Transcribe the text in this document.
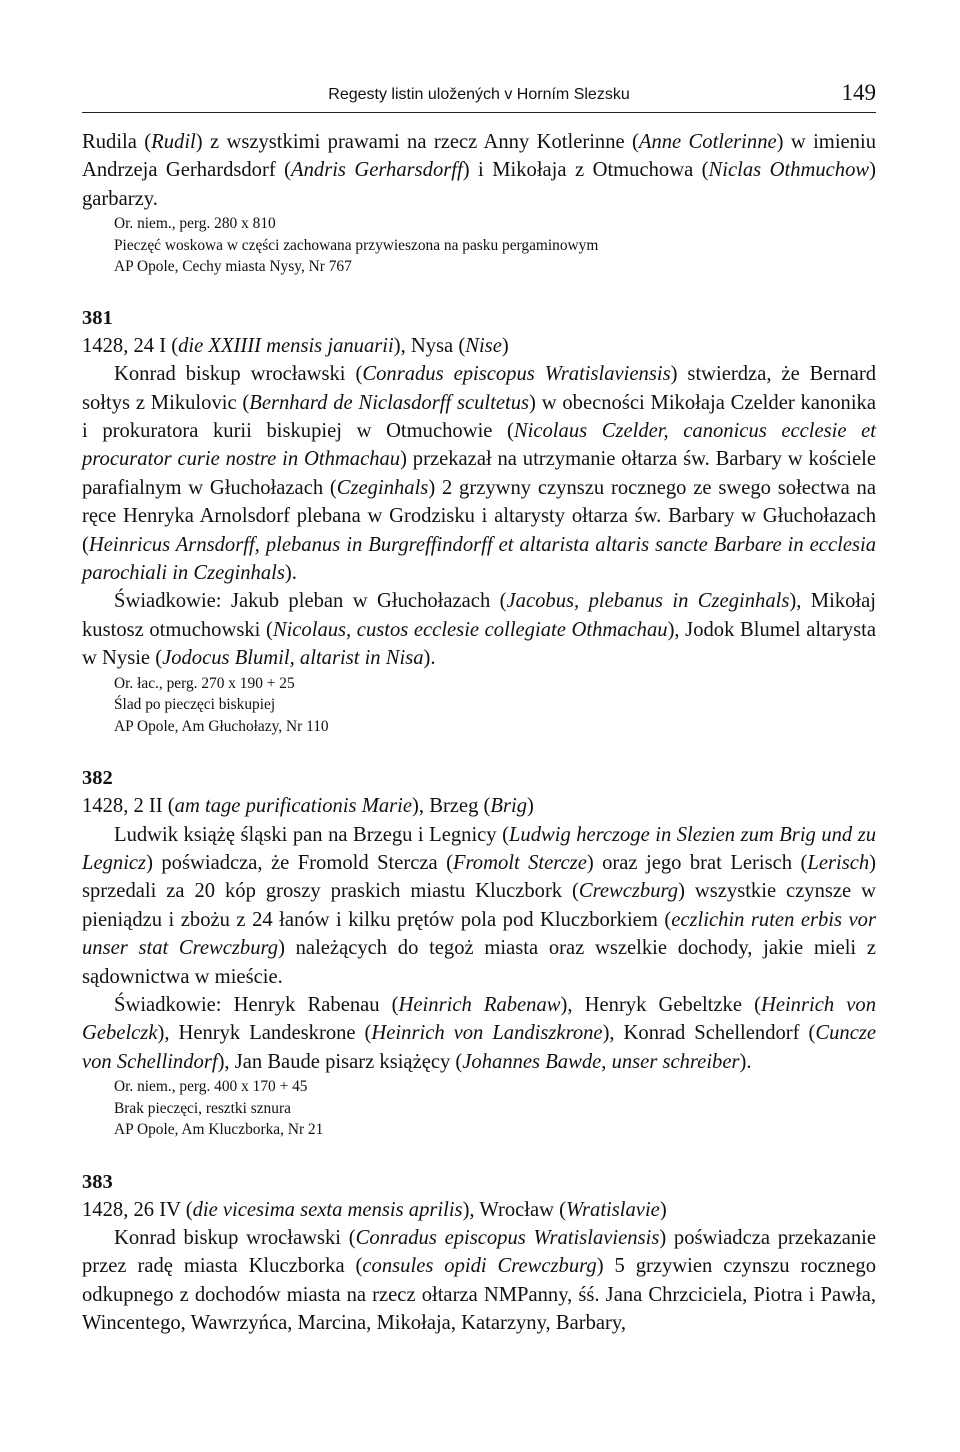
Regesty listin uložených v Horním Slezsku	149

Rudila (Rudil) z wszystkimi prawami na rzecz Anny Kotlerinne (Anne Cotlerinne) w imieniu Andrzeja Gerhardsdorf (Andris Gerharsdorff) i Mikołaja z Otmuchowa (Niclas Othmuchow) garbarzy.

Or. niem., perg. 280 x 810

Pieczęć woskowa w części zachowana przywieszona na pasku pergaminowym

AP Opole, Cechy miasta Nysy, Nr 767

381

1428, 24 I (die XXIIII mensis januarii), Nysa (Nise)

Konrad biskup wrocławski (Conradus episcopus Wratislaviensis) stwierdza, że Bernard sołtys z Mikulovic (Bernhard de Niclasdorff scultetus) w obecności Mikołaja Czelder kanonika i prokuratora kurii biskupiej w Otmuchowie (Nicolaus Czelder, canonicus ecclesie et procurator curie nostre in Othmachau) przekazał na utrzymanie ołtarza św. Barbary w kościele parafialnym w Głuchołazach (Czeginhals) 2 grzywny czynszu rocznego ze swego sołectwa na ręce Henryka Arnolsdorf plebana w Grodzisku i altarysty ołtarza św. Barbary w Głuchołazach (Heinricus Arnsdorff, plebanus in Burgreffindorff et altarista altaris sancte Barbare in ecclesia parochiali in Czeginhals).

Świadkowie: Jakub pleban w Głuchołazach (Jacobus, plebanus in Czeginhals), Mikołaj kustosz otmuchowski (Nicolaus, custos ecclesie collegiate Othmachau), Jodok Blumel altarysta w Nysie (Jodocus Blumil, altarist in Nisa).

Or. łac., perg. 270 x 190 + 25

Ślad po pieczęci biskupiej

AP Opole, Am Głuchołazy, Nr 110

382

1428, 2 II (am tage purificationis Marie), Brzeg (Brig)

Ludwik książę śląski pan na Brzegu i Legnicy (Ludwig herczoge in Slezien zum Brig und zu Legnicz) poświadcza, że Fromold Stercza (Fromolt Stercze) oraz jego brat Lerisch (Lerisch) sprzedali za 20 kóp groszy praskich miastu Kluczbork (Crewczburg) wszystkie czynsze w pieniądzu i zbożu z 24 łanów i kilku prętów pola pod Kluczborkiem (eczlichin ruten erbis vor unser stat Crewczburg) należących do tegoż miasta oraz wszelkie dochody, jakie mieli z sądownictwa w mieście.

Świadkowie: Henryk Rabenau (Heinrich Rabenaw), Henryk Gebeltzke (Heinrich von Gebelczk), Henryk Landeskrone (Heinrich von Landiszkrone), Konrad Schellendorf (Cuncze von Schellindorf), Jan Baude pisarz książęcy (Johannes Bawde, unser schreiber).

Or. niem., perg. 400 x 170 + 45

Brak pieczęci, resztki sznura

AP Opole, Am Kluczborka, Nr 21

383

1428, 26 IV (die vicesima sexta mensis aprilis), Wrocław (Wratislavie)

Konrad biskup wrocławski (Conradus episcopus Wratislaviensis) poświadcza przekazanie przez radę miasta Kluczborka (consules opidi Crewczburg) 5 grzywien czynszu rocznego odkupnego z dochodów miasta na rzecz ołtarza NMPanny, śś. Jana Chrzciciela, Piotra i Pawła, Wincentego, Wawrzyńca, Marcina, Mikołaja, Katarzyny, Barbary,
